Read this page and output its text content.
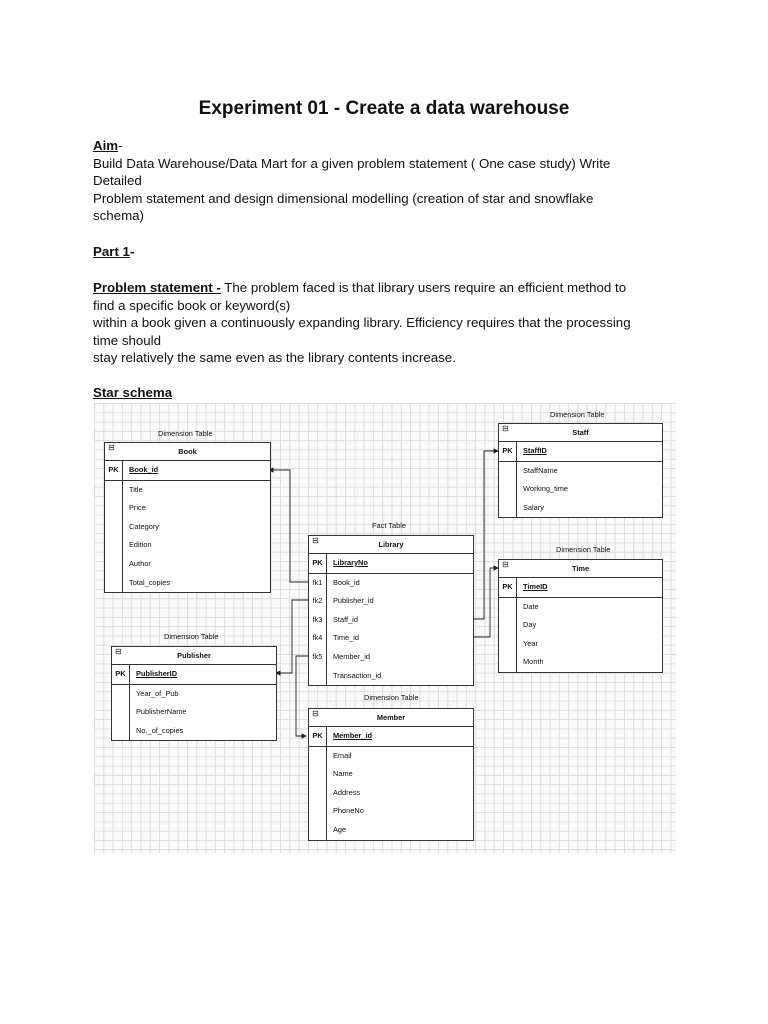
Experiment 01 - Create a data warehouse
Aim-
Build Data Warehouse/Data Mart for a given problem statement ( One case study) Write
Detailed
Problem statement and design dimensional modelling (creation of star and snowflake
schema)

Part 1-

Problem statement - The problem faced is that library users require an efficient method to
find a specific book or keyword(s)
within a book given a continuously expanding library. Efficiency requires that the processing
time should
stay relatively the same even as the library contents increase.

Star schema

Dimension Table
⊟	Book
PK	Book_id
Title
Price
Category
Edition
Author
Total_copies
Dimension Table
⊟	Staff
PK	StaffID
StaffName
Working_time
Salary
Fact Table
⊟	Library
PK	LibraryNo
fk1	Book_id
fk2	Publisher_id
fk3	Staff_id
fk4	Time_id
fk5	Member_id
Transaction_id
Dimension Table
⊟	Time
PK	TimeID
Date
Day
Year
Month
Dimension Table
⊟	Publisher
PK	PublisherID
Year_of_Pub
PublisherName
No._of_copies
Dimension Table
⊟	Member
PK	Member_id
Email
Name
Address
PhoneNo
Age
